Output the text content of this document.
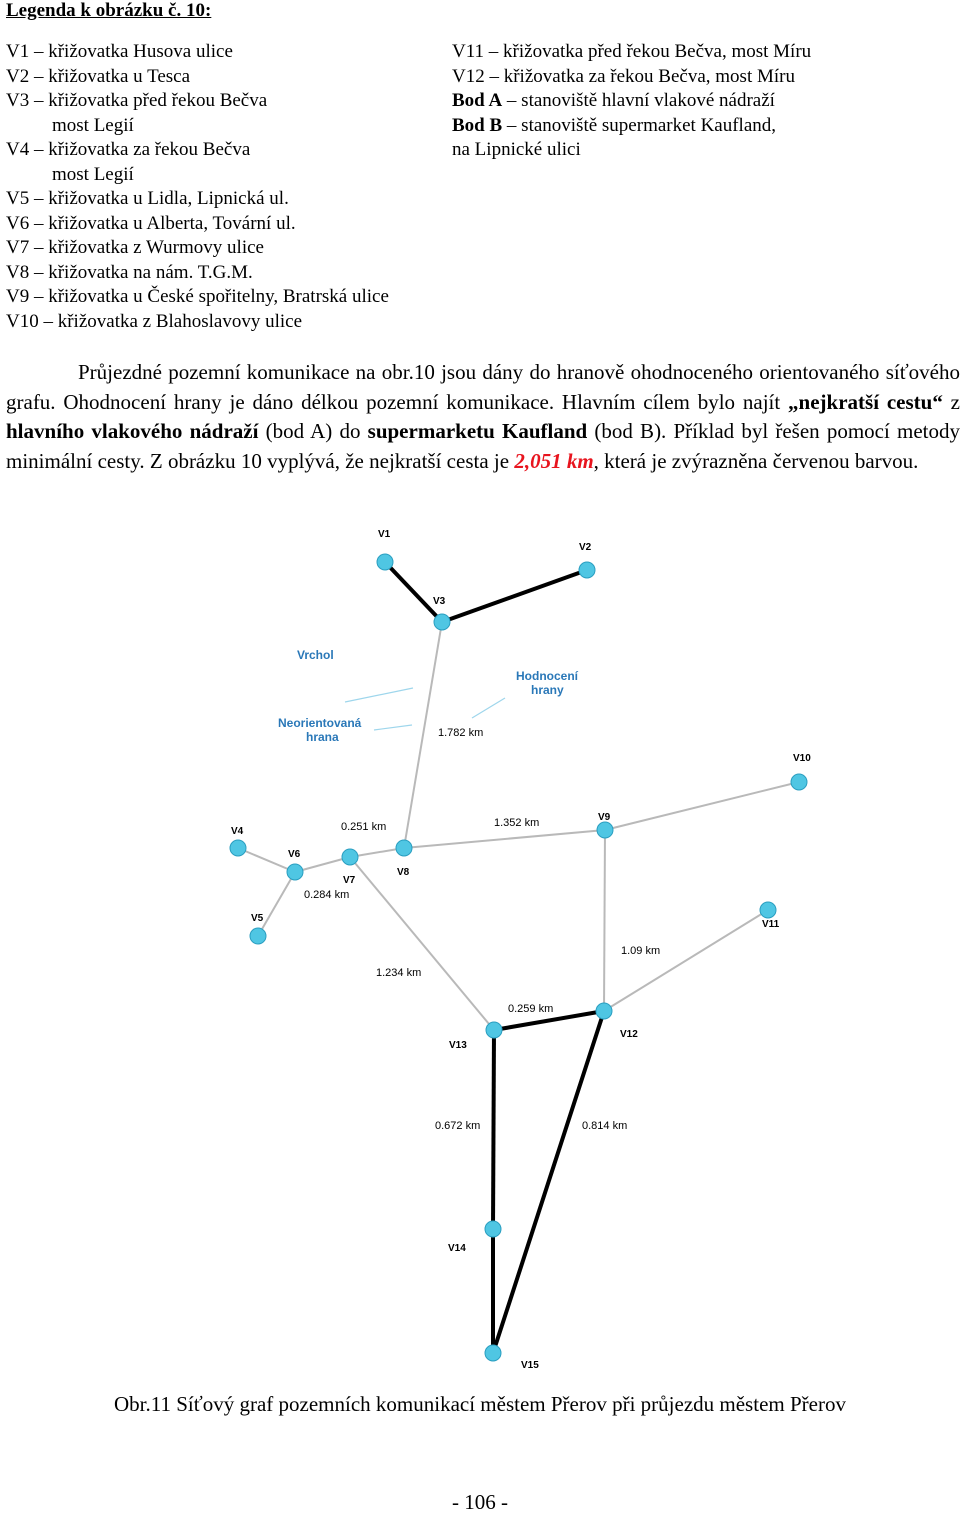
Legenda k obrázku č. 10:
V1 – křižovatka Husova ulice
V2 – křižovatka u Tesca
V3 – křižovatka před řekou Bečva
most Legií
V4 – křižovatka za řekou Bečva
most Legií
V5 – křižovatka u Lidla, Lipnická ul.
V6 – křižovatka u Alberta, Tovární ul.
V7 – křižovatka z Wurmovy ulice
V8 – křižovatka na nám. T.G.M.
V9 – křižovatka u České spořitelny, Bratrská ulice
V10 – křižovatka z Blahoslavovy ulice
V11 – křižovatka před řekou Bečva, most Míru
V12 – křižovatka za řekou Bečva, most Míru
Bod A – stanoviště hlavní vlakové nádraží
Bod B – stanoviště supermarket Kaufland,
na Lipnické ulici
Průjezdné pozemní komunikace na obr.10 jsou dány do hranově ohodnoceného orientovaného síťového grafu. Ohodnocení hrany je dáno délkou pozemní komunikace. Hlavním cílem bylo najít „nejkratší cestu“ z hlavního vlakového nádraží (bod A) do supermarketu Kaufland (bod B). Příklad byl řešen pomocí metody minimální cesty. Z obrázku 10 vyplývá, že nejkratší cesta je 2,051 km, která je zvýrazněna červenou barvou.
V1
V2
V3
V4
V5
V6
V7
V8
V9
V10
V11
V12
V13
V14
V15
1.782 km
0.251 km	1.352 km
0.284 km
1.234 km
1.09 km
0.259 km
0.672 km	0.814 km
Vrchol
Hodnocení
hrany
Neorientovaná
hrana
Obr.11 Síťový graf pozemních komunikací městem Přerov při průjezdu městem Přerov
- 106 -
